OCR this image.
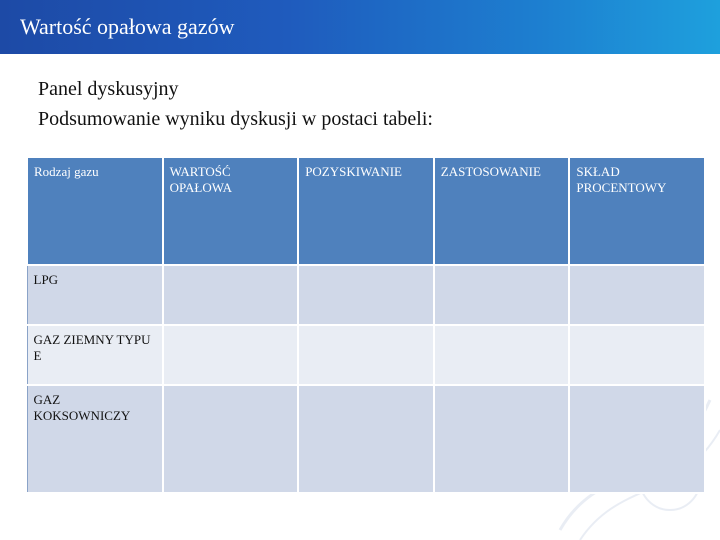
Wartość opałowa gazów
Panel dyskusyjny
Podsumowanie wyniku dyskusji w postaci tabeli:
Rodzaj gazu	WARTOŚĆ OPAŁOWA	POZYSKIWANIE	ZASTOSOWANIE	SKŁAD PROCENTOWY
LPG				
GAZ ZIEMNY TYPU E				
GAZ KOKSOWNICZY				
